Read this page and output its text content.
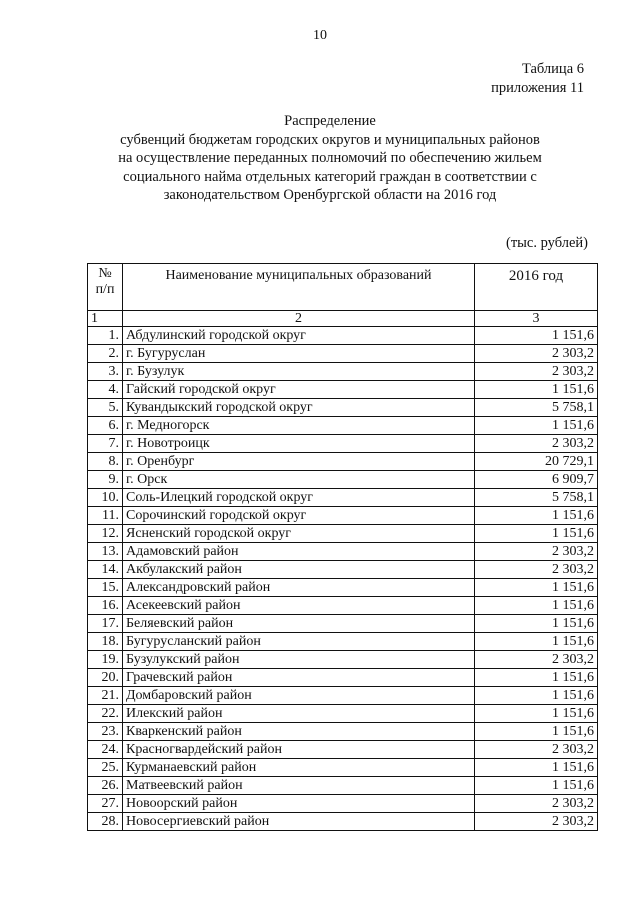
10
Таблица 6
приложения 11
Распределение
субвенций бюджетам городских округов и муниципальных районов
на осуществление переданных полномочий по обеспечению жильем
социального найма отдельных категорий граждан в соответствии с
законодательством Оренбургской области на 2016 год
(тыс. рублей)
№ п/п	Наименование муниципальных образований	2016 год
1	2	3
1.	Абдулинский городской округ	1 151,6
2.	г. Бугуруслан	2 303,2
3.	г. Бузулук	2 303,2
4.	Гайский городской округ	1 151,6
5.	Кувандыкский городской округ	5 758,1
6.	г. Медногорск	1 151,6
7.	г. Новотроицк	2 303,2
8.	г. Оренбург	20 729,1
9.	г. Орск	6 909,7
10.	Соль-Илецкий городской округ	5 758,1
11.	Сорочинский городской округ	1 151,6
12.	Ясненский городской округ	1 151,6
13.	Адамовский район	2 303,2
14.	Акбулакский район	2 303,2
15.	Александровский район	1 151,6
16.	Асекеевский район	1 151,6
17.	Беляевский район	1 151,6
18.	Бугурусланский район	1 151,6
19.	Бузулукский район	2 303,2
20.	Грачевский район	1 151,6
21.	Домбаровский район	1 151,6
22.	Илекский район	1 151,6
23.	Кваркенский район	1 151,6
24.	Красногвардейский район	2 303,2
25.	Курманаевский район	1 151,6
26.	Матвеевский район	1 151,6
27.	Новоорский район	2 303,2
28.	Новосергиевский район	2 303,2
